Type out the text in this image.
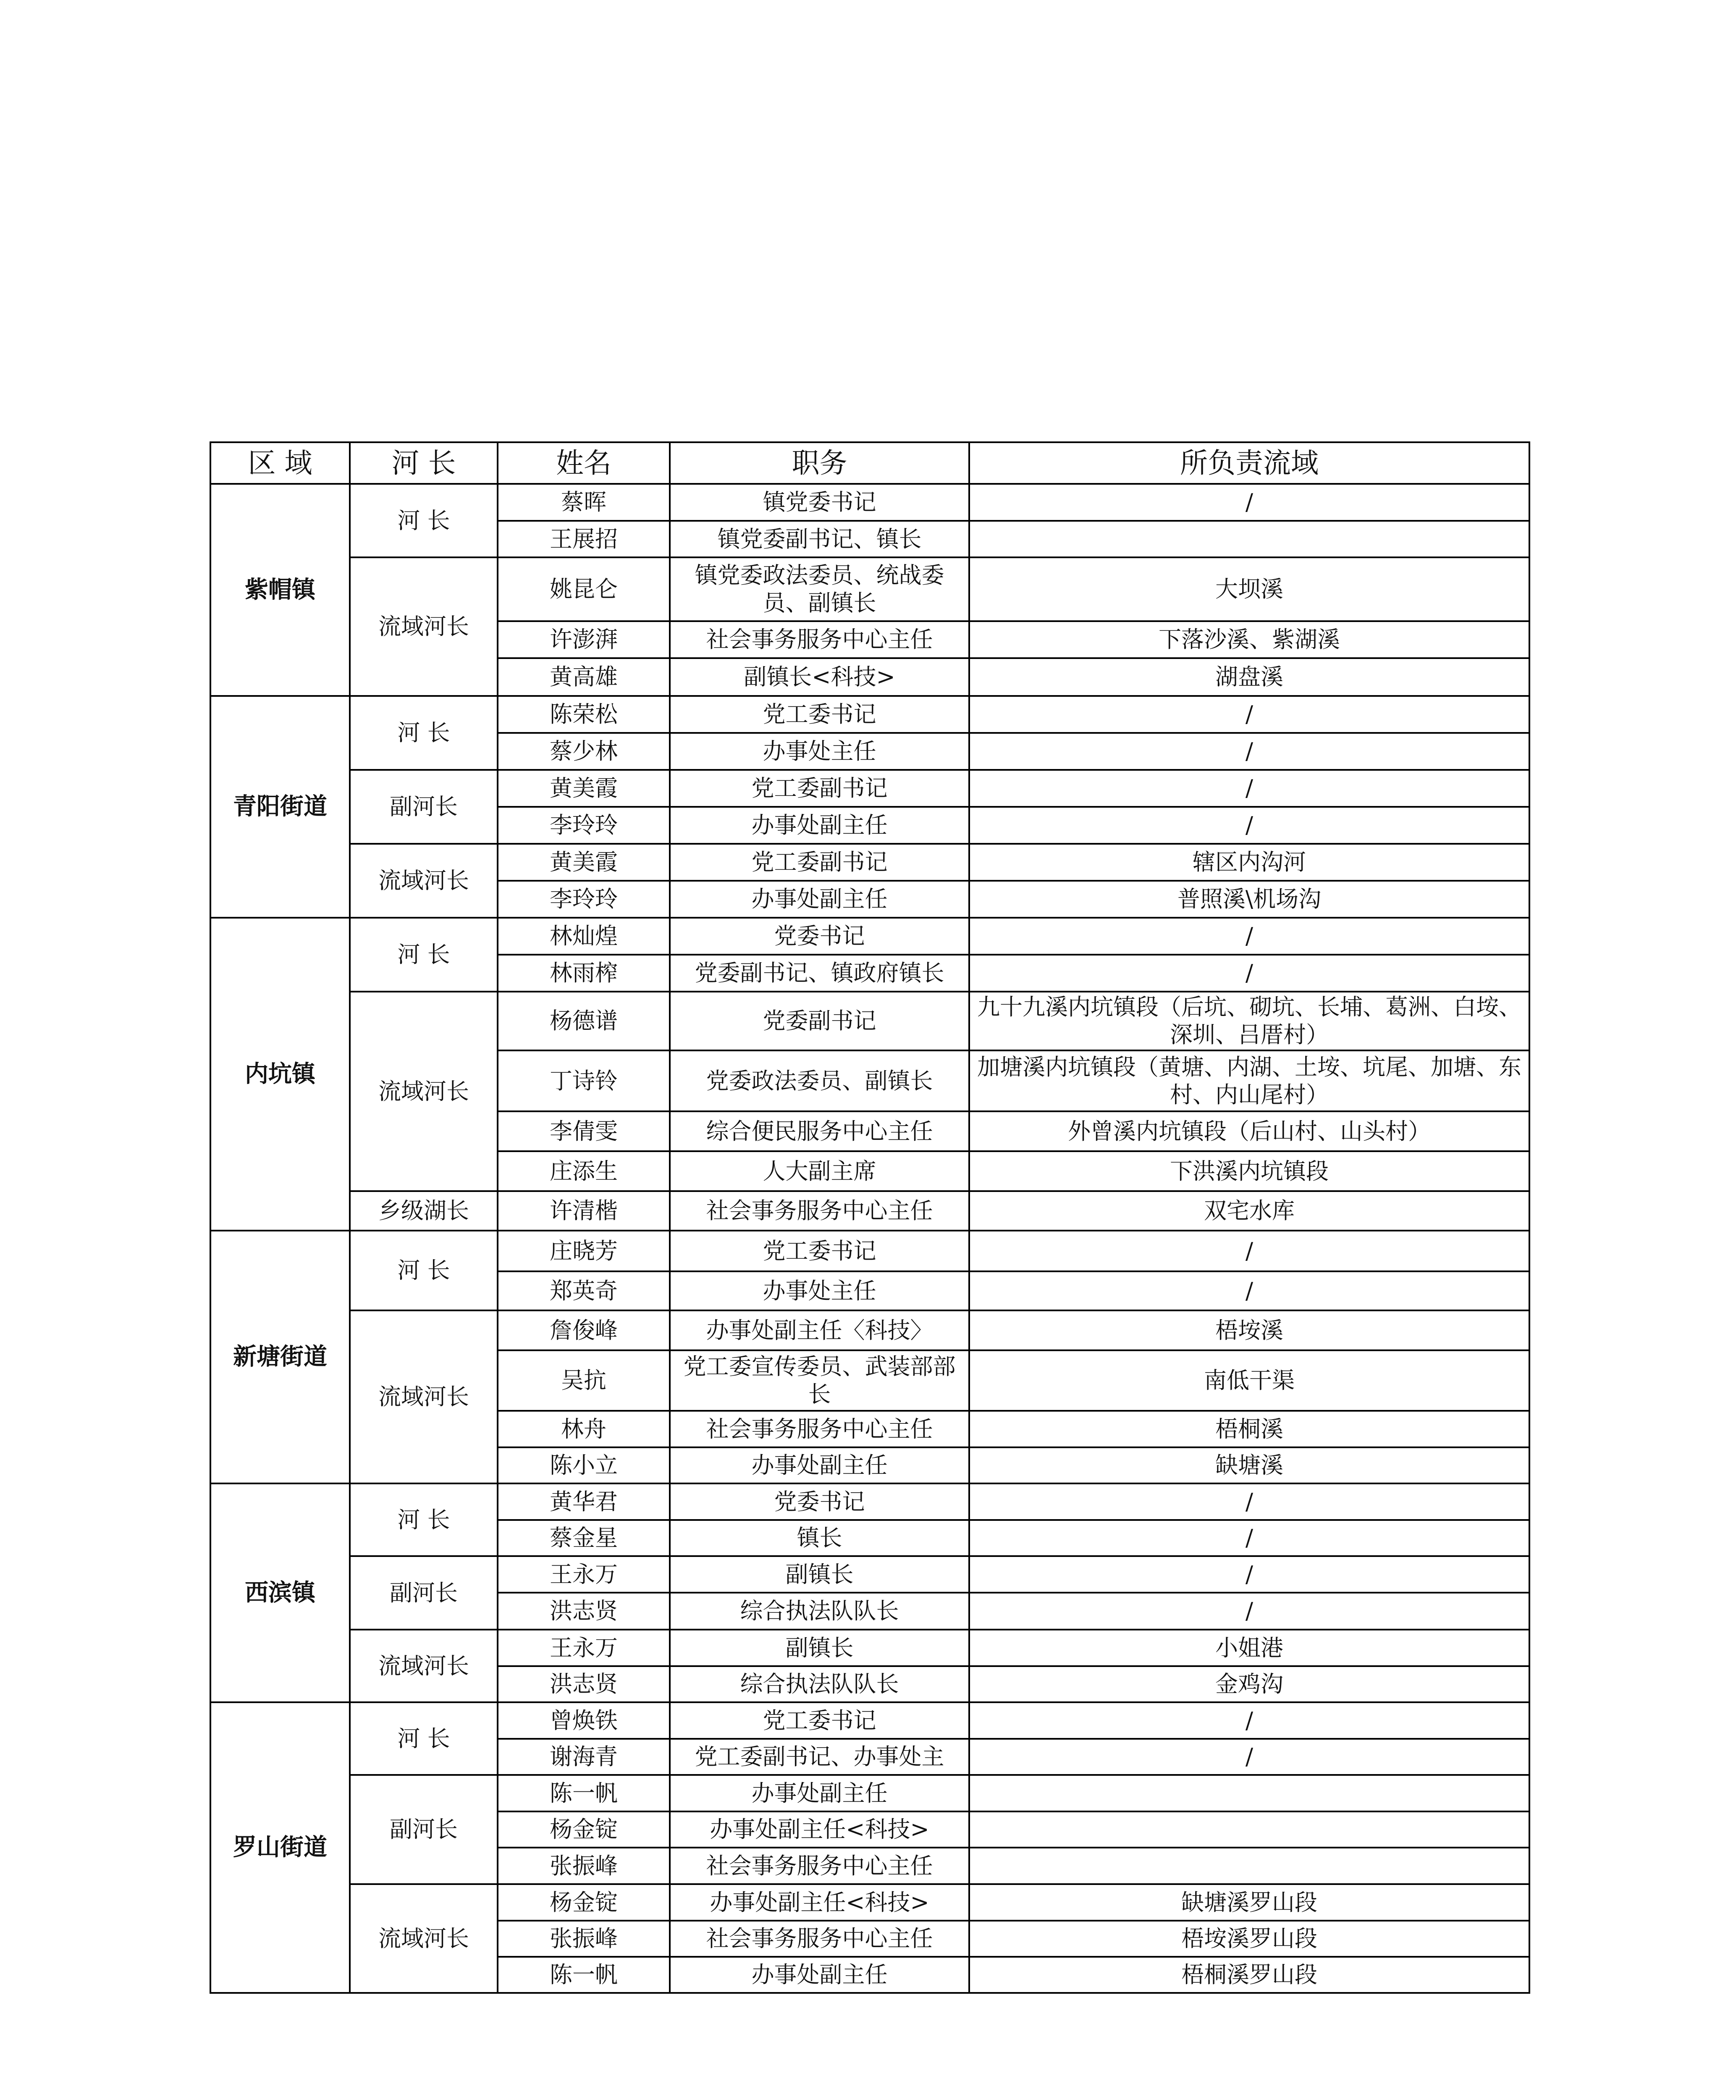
区 域	河 长	姓名	职务	所负责流域
紫帽镇	河 长	蔡晖	镇党委书记	/
		王展招	镇党委副书记、镇长	
	流域河长	姚昆仑	镇党委政法委员、统战委员、副镇长	大坝溪
		许澎湃	社会事务服务中心主任	下落沙溪、紫湖溪
		黄高雄	副镇长<科技>	湖盘溪
青阳街道	河 长	陈荣松	党工委书记	/
		蔡少林	办事处主任	/
	副河长	黄美霞	党工委副书记	/
		李玲玲	办事处副主任	/
	流域河长	黄美霞	党工委副书记	辖区内沟河
		李玲玲	办事处副主任	普照溪\机场沟
内坑镇	河 长	林灿煌	党委书记	/
		林雨榨	党委副书记、镇政府镇长	/
	流域河长	杨德谱	党委副书记	九十九溪内坑镇段（后坑、砌坑、长埔、葛洲、白垵、深圳、吕厝村）
		丁诗铃	党委政法委员、副镇长	加塘溪内坑镇段（黄塘、内湖、土垵、坑尾、加塘、东村、内山尾村）
		李倩雯	综合便民服务中心主任	外曾溪内坑镇段（后山村、山头村）
		庄添生	人大副主席	下洪溪内坑镇段
	乡级湖长	许清楷	社会事务服务中心主任	双宅水库
新塘街道	河 长	庄晓芳	党工委书记	/
		郑英奇	办事处主任	/
	流域河长	詹俊峰	办事处副主任〈科技〉	梧垵溪
		吴抗	党工委宣传委员、武装部部长	南低干渠
		林舟	社会事务服务中心主任	梧桐溪
		陈小立	办事处副主任	缺塘溪
西滨镇	河 长	黄华君	党委书记	/
		蔡金星	镇长	/
	副河长	王永万	副镇长	/
		洪志贤	综合执法队队长	/
	流域河长	王永万	副镇长	小姐港
		洪志贤	综合执法队队长	金鸡沟
罗山街道	河 长	曾焕铁	党工委书记	/
		谢海青	党工委副书记、办事处主	/
	副河长	陈一帆	办事处副主任	
		杨金锭	办事处副主任<科技>	
		张振峰	社会事务服务中心主任	
	流域河长	杨金锭	办事处副主任<科技>	缺塘溪罗山段
		张振峰	社会事务服务中心主任	梧垵溪罗山段
		陈一帆	办事处副主任	梧桐溪罗山段
